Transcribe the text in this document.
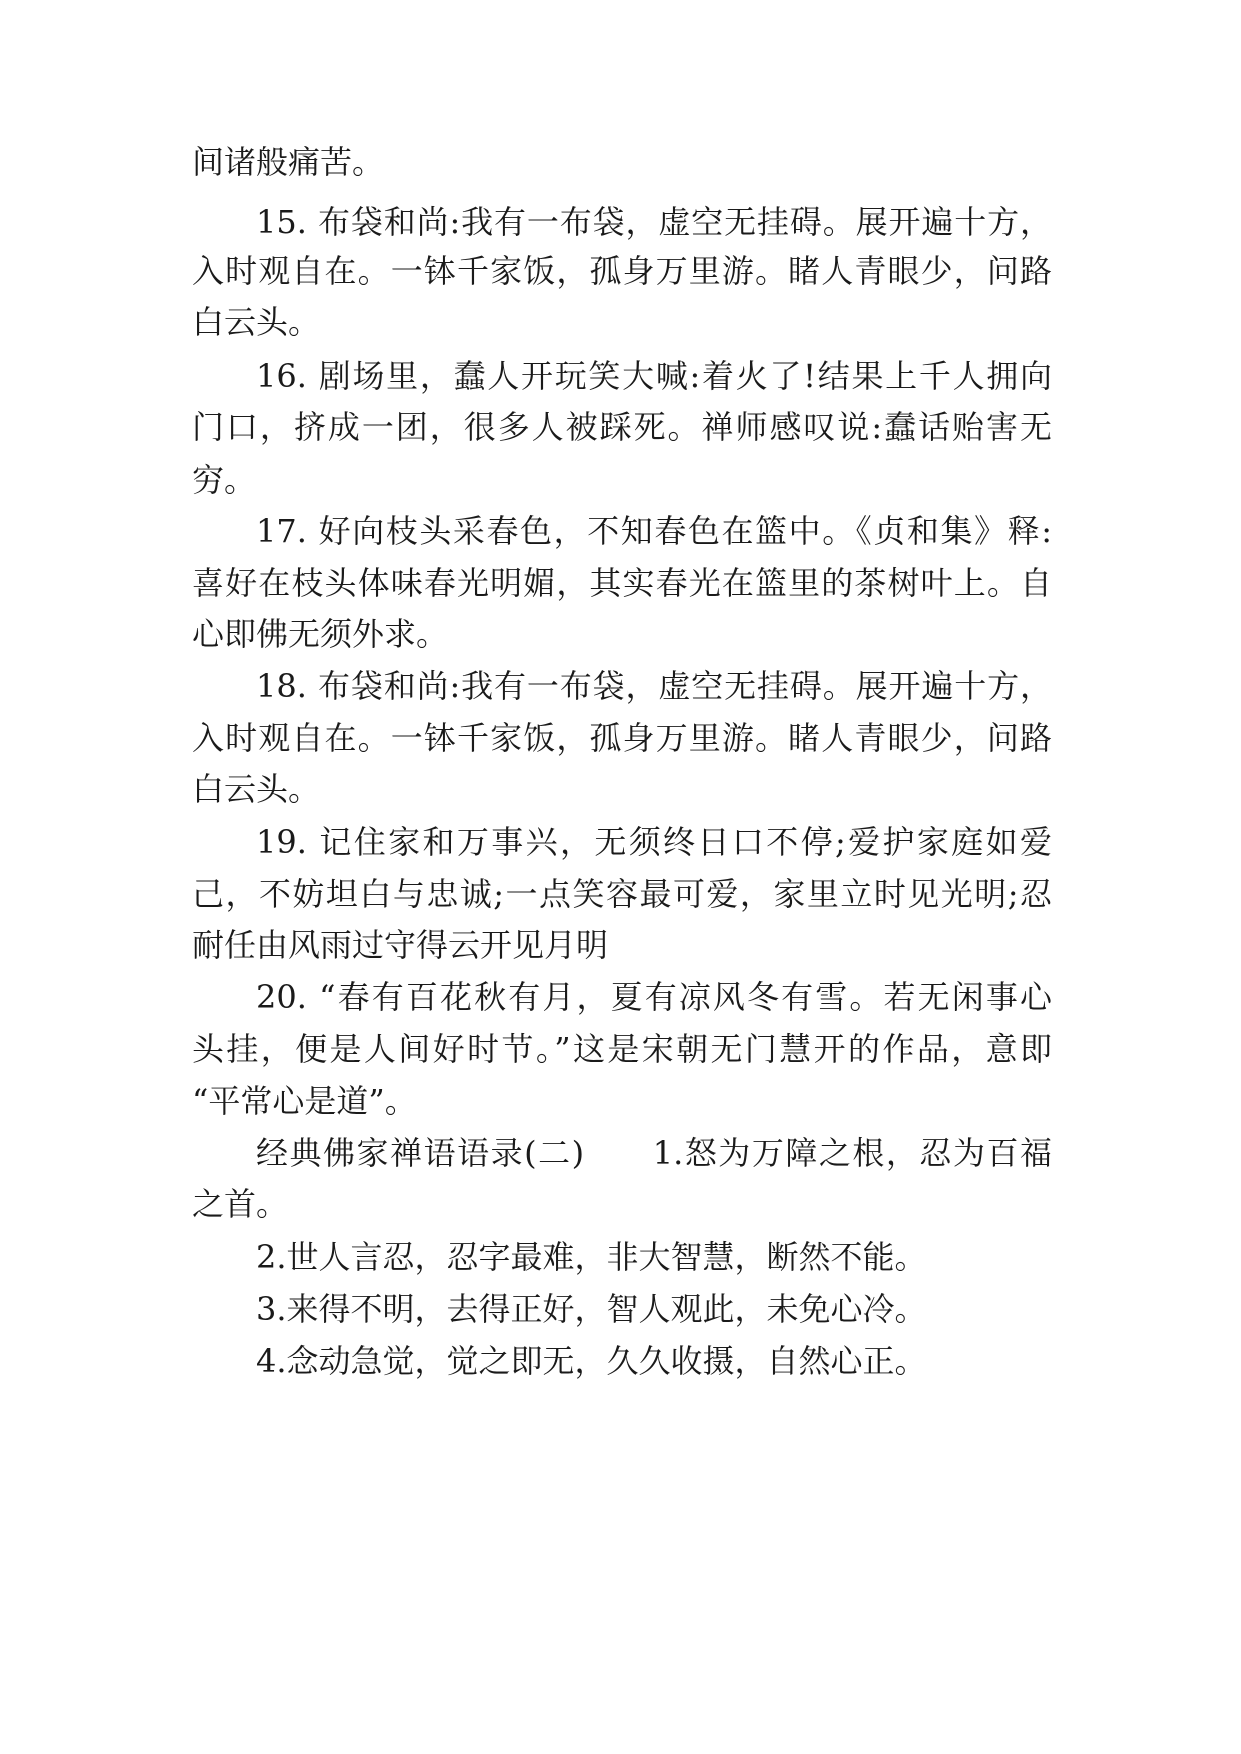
间诸般痛苦。
15. 布袋和尚:我有一布袋，虚空无挂碍。展开遍十方，
入时观自在。一钵千家饭，孤身万里游。睹人青眼少，问路
白云头。
16. 剧场里，蠢人开玩笑大喊:着火了!结果上千人拥向
门口，挤成一团，很多人被踩死。禅师感叹说:蠢话贻害无
穷。
17. 好向枝头采春色，不知春色在篮中。《贞和集》释:
喜好在枝头体味春光明媚，其实春光在篮里的茶树叶上。自
心即佛无须外求。
18. 布袋和尚:我有一布袋，虚空无挂碍。展开遍十方，
入时观自在。一钵千家饭，孤身万里游。睹人青眼少，问路
白云头。
19. 记住家和万事兴，无须终日口不停;爱护家庭如爱
己，不妨坦白与忠诚;一点笑容最可爱，家里立时见光明;忍
耐任由风雨过守得云开见月明
20. “春有百花秋有月，夏有凉风冬有雪。若无闲事心
头挂，便是人间好时节。”这是宋朝无门慧开的作品，意即
“平常心是道”。
经典佛家禅语语录(二)　　1.怒为万障之根，忍为百福
之首。
2.世人言忍，忍字最难，非大智慧，断然不能。
3.来得不明，去得正好，智人观此，未免心冷。
4.念动急觉，觉之即无，久久收摄，自然心正。
